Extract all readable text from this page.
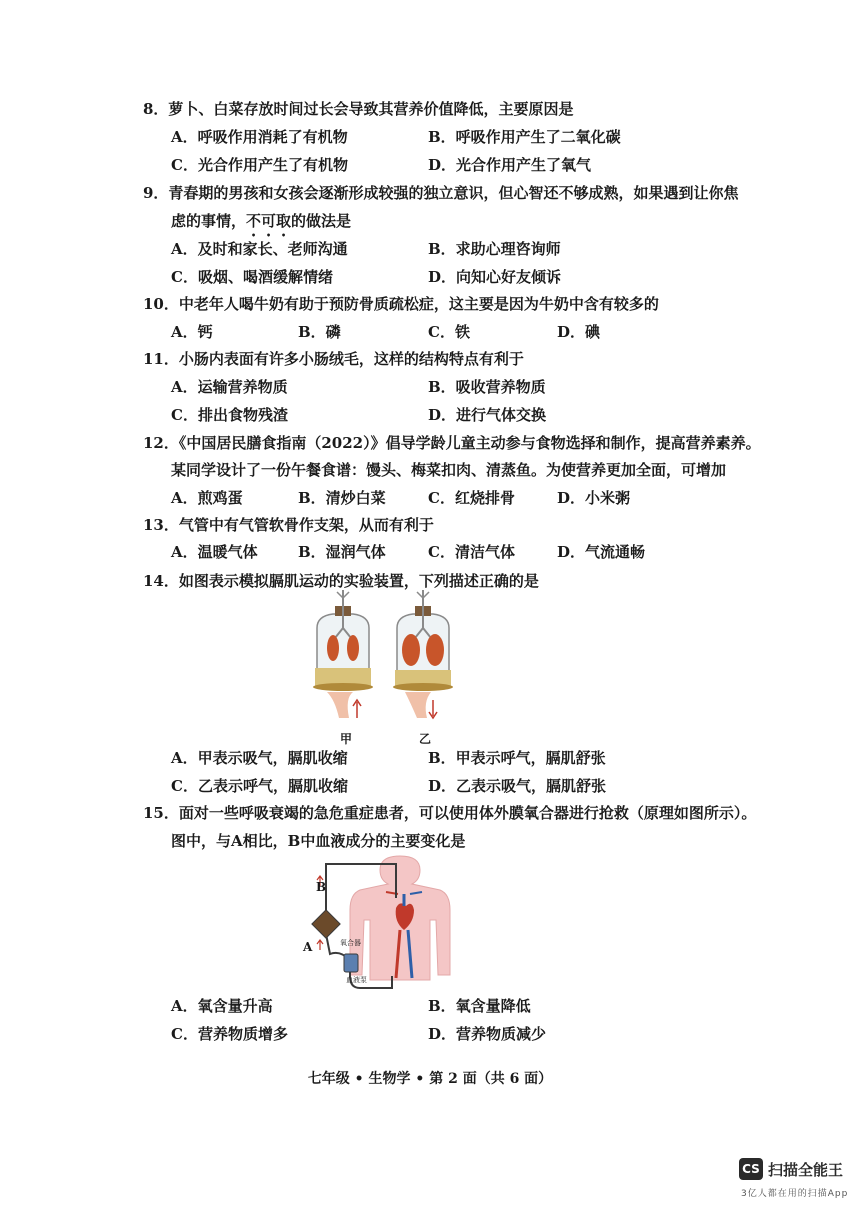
8．萝卜、白菜存放时间过长会导致其营养价值降低，主要原因是
A．呼吸作用消耗了有机物	B．呼吸作用产生了二氧化碳
C．光合作用产生了有机物	D．光合作用产生了氧气
9．青春期的男孩和女孩会逐渐形成较强的独立意识，但心智还不够成熟，如果遇到让你焦
虑的事情，不可取的做法是
A．及时和家长、老师沟通	B．求助心理咨询师
C．吸烟、喝酒缓解情绪	D．向知心好友倾诉
10．中老年人喝牛奶有助于预防骨质疏松症，这主要是因为牛奶中含有较多的
A．钙	B．磷	C．铁	D．碘
11．小肠内表面有许多小肠绒毛，这样的结构特点有利于
A．运输营养物质	B．吸收营养物质
C．排出食物残渣	D．进行气体交换
12．《中国居民膳食指南（2022）》倡导学龄儿童主动参与食物选择和制作，提高营养素养。
某同学设计了一份午餐食谱：馒头、梅菜扣肉、清蒸鱼。为使营养更加全面，可增加
A．煎鸡蛋	B．清炒白菜	C．红烧排骨	D．小米粥
13．气管中有气管软骨作支架，从而有利于
A．温暖气体	B．湿润气体	C．清洁气体	D．气流通畅
14．如图表示模拟膈肌运动的实验装置，下列描述正确的是
甲	乙
A．甲表示吸气，膈肌收缩	B．甲表示呼气，膈肌舒张
C．乙表示呼气，膈肌收缩	D．乙表示吸气，膈肌舒张
15．面对一些呼吸衰竭的急危重症患者，可以使用体外膜氧合器进行抢救（原理如图所示）。
图中，与A相比，B中血液成分的主要变化是
B
A	氧合器
血液泵
A．氧含量升高	B．氧含量降低
C．营养物质增多	D．营养物质减少
七年级 • 生物学 • 第 2 面（共 6 面）
CS 扫描全能王
3亿人都在用的扫描App
